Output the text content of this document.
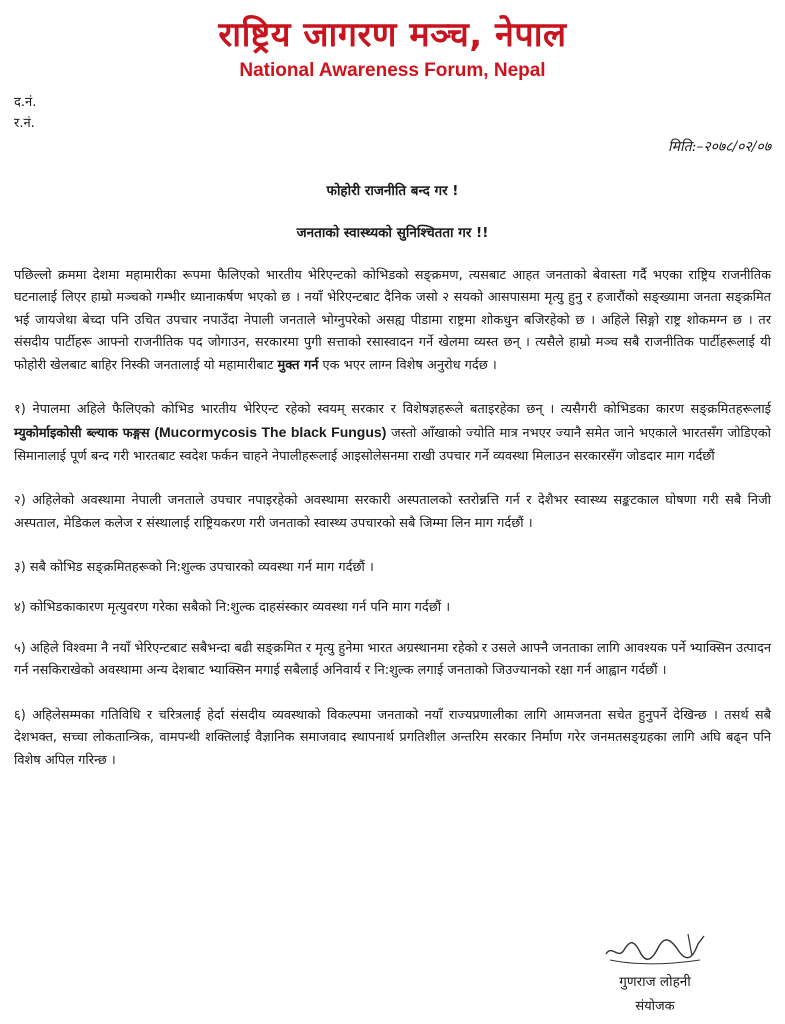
राष्ट्रिय जागरण मञ्च, नेपाल
National Awareness Forum, Nepal
द.नं.
र.नं.
मिति:–२०७८/०२/०७
फोहोरी राजनीति बन्द गर !
जनताको स्वास्थ्यको सुनिश्चितता गर !!

पछिल्लो क्रममा देशमा महामारीका रूपमा फैलिएको भारतीय भेरिएन्टको कोभिडको सङ्क्रमण, त्यसबाट आहत जनताको बेवास्ता गर्दै भएका राष्ट्रिय राजनीतिक घटनालाई लिएर हाम्रो मञ्चको गम्भीर ध्यानाकर्षण भएको छ । नयाँ भेरिएन्टबाट दैनिक जसो २ सयको आसपासमा मृत्यु हुनु र हजारौंको सङ्ख्यामा जनता सङ्क्रमित भई जायजेथा बेच्दा पनि उचित उपचार नपाउँदा नेपाली जनताले भोग्नुपरेको असह्य पीडामा राष्ट्रमा शोकधुन बजिरहेको छ । अहिले सिङ्गो राष्ट्र शोकमग्न छ । तर संसदीय पार्टीहरू आफ्नो राजनीतिक पद जोगाउन, सरकारमा पुगी सत्ताको रसास्वादन गर्ने खेलमा व्यस्त छन् । त्यसैले हाम्रो मञ्च सबै राजनीतिक पार्टीहरूलाई यी फोहोरी खेलबाट बाहिर निस्की जनतालाई यो महामारीबाट मुक्त गर्न एक भएर लाग्न विशेष अनुरोध गर्दछ ।

१) नेपालमा अहिले फैलिएको कोभिड भारतीय भेरिएन्ट रहेको स्वयम् सरकार र विशेषज्ञहरूले बताइरहेका छन् । त्यसैगरी कोभिडका कारण सङ्क्रमितहरूलाई म्युकोर्माइकोसी ब्ल्याक फङ्गस (Mucormycosis The black Fungus) जस्तो आँखाको ज्योति मात्र नभएर ज्यानै समेत जाने भएकाले भारतसँग जोडिएको सिमानालाई पूर्ण बन्द गरी भारतबाट स्वदेश फर्कन चाहने नेपालीहरूलाई आइसोलेसनमा राखी उपचार गर्ने व्यवस्था मिलाउन सरकारसँग जोडदार माग गर्दछौं

२) अहिलेको अवस्थामा नेपाली जनताले उपचार नपाइरहेको अवस्थामा सरकारी अस्पतालको स्तरोन्नत्ति गर्न र देशैभर स्वास्थ्य सङ्कटकाल घोषणा गरी सबै निजी अस्पताल, मेडिकल कलेज र संस्थालाई राष्ट्रियकरण गरी जनताको स्वास्थ्य उपचारको सबै जिम्मा लिन माग गर्दछौं ।

३) सबै कोभिड सङ्क्रमितहरूको नि:शुल्क उपचारको व्यवस्था गर्न माग गर्दछौं ।

४) कोभिडकाकारण मृत्युवरण गरेका सबैको नि:शुल्क दाहसंस्कार व्यवस्था गर्न पनि माग गर्दछौं ।

५) अहिले विश्वमा नै नयाँ भेरिएन्टबाट सबैभन्दा बढी सङ्क्रमित र मृत्यु हुनेमा भारत अग्रस्थानमा रहेको र उसले आफ्नै जनताका लागि आवश्यक पर्ने भ्याक्सिन उत्पादन गर्न नसकिराखेको अवस्थामा अन्य देशबाट भ्याक्सिन मगाई सबैलाई अनिवार्य र नि:शुल्क लगाई जनताको जिउज्यानको रक्षा गर्न आह्वान गर्दछौं ।

६) अहिलेसम्मका गतिविधि र चरित्रलाई हेर्दा संसदीय व्यवस्थाको विकल्पमा जनताको नयाँ राज्यप्रणालीका लागि आमजनता सचेत हुनुपर्ने देखिन्छ । तसर्थ सबै देशभक्त, सच्चा लोकतान्त्रिक, वामपन्थी शक्तिलाई वैज्ञानिक समाजवाद स्थापनार्थ प्रगतिशील अन्तरिम सरकार निर्माण गरेर जनमतसङ्ग्रहका लागि अघि बढ्न पनि विशेष अपिल गरिन्छ ।

गुणराज लोहनी
संयोजक
